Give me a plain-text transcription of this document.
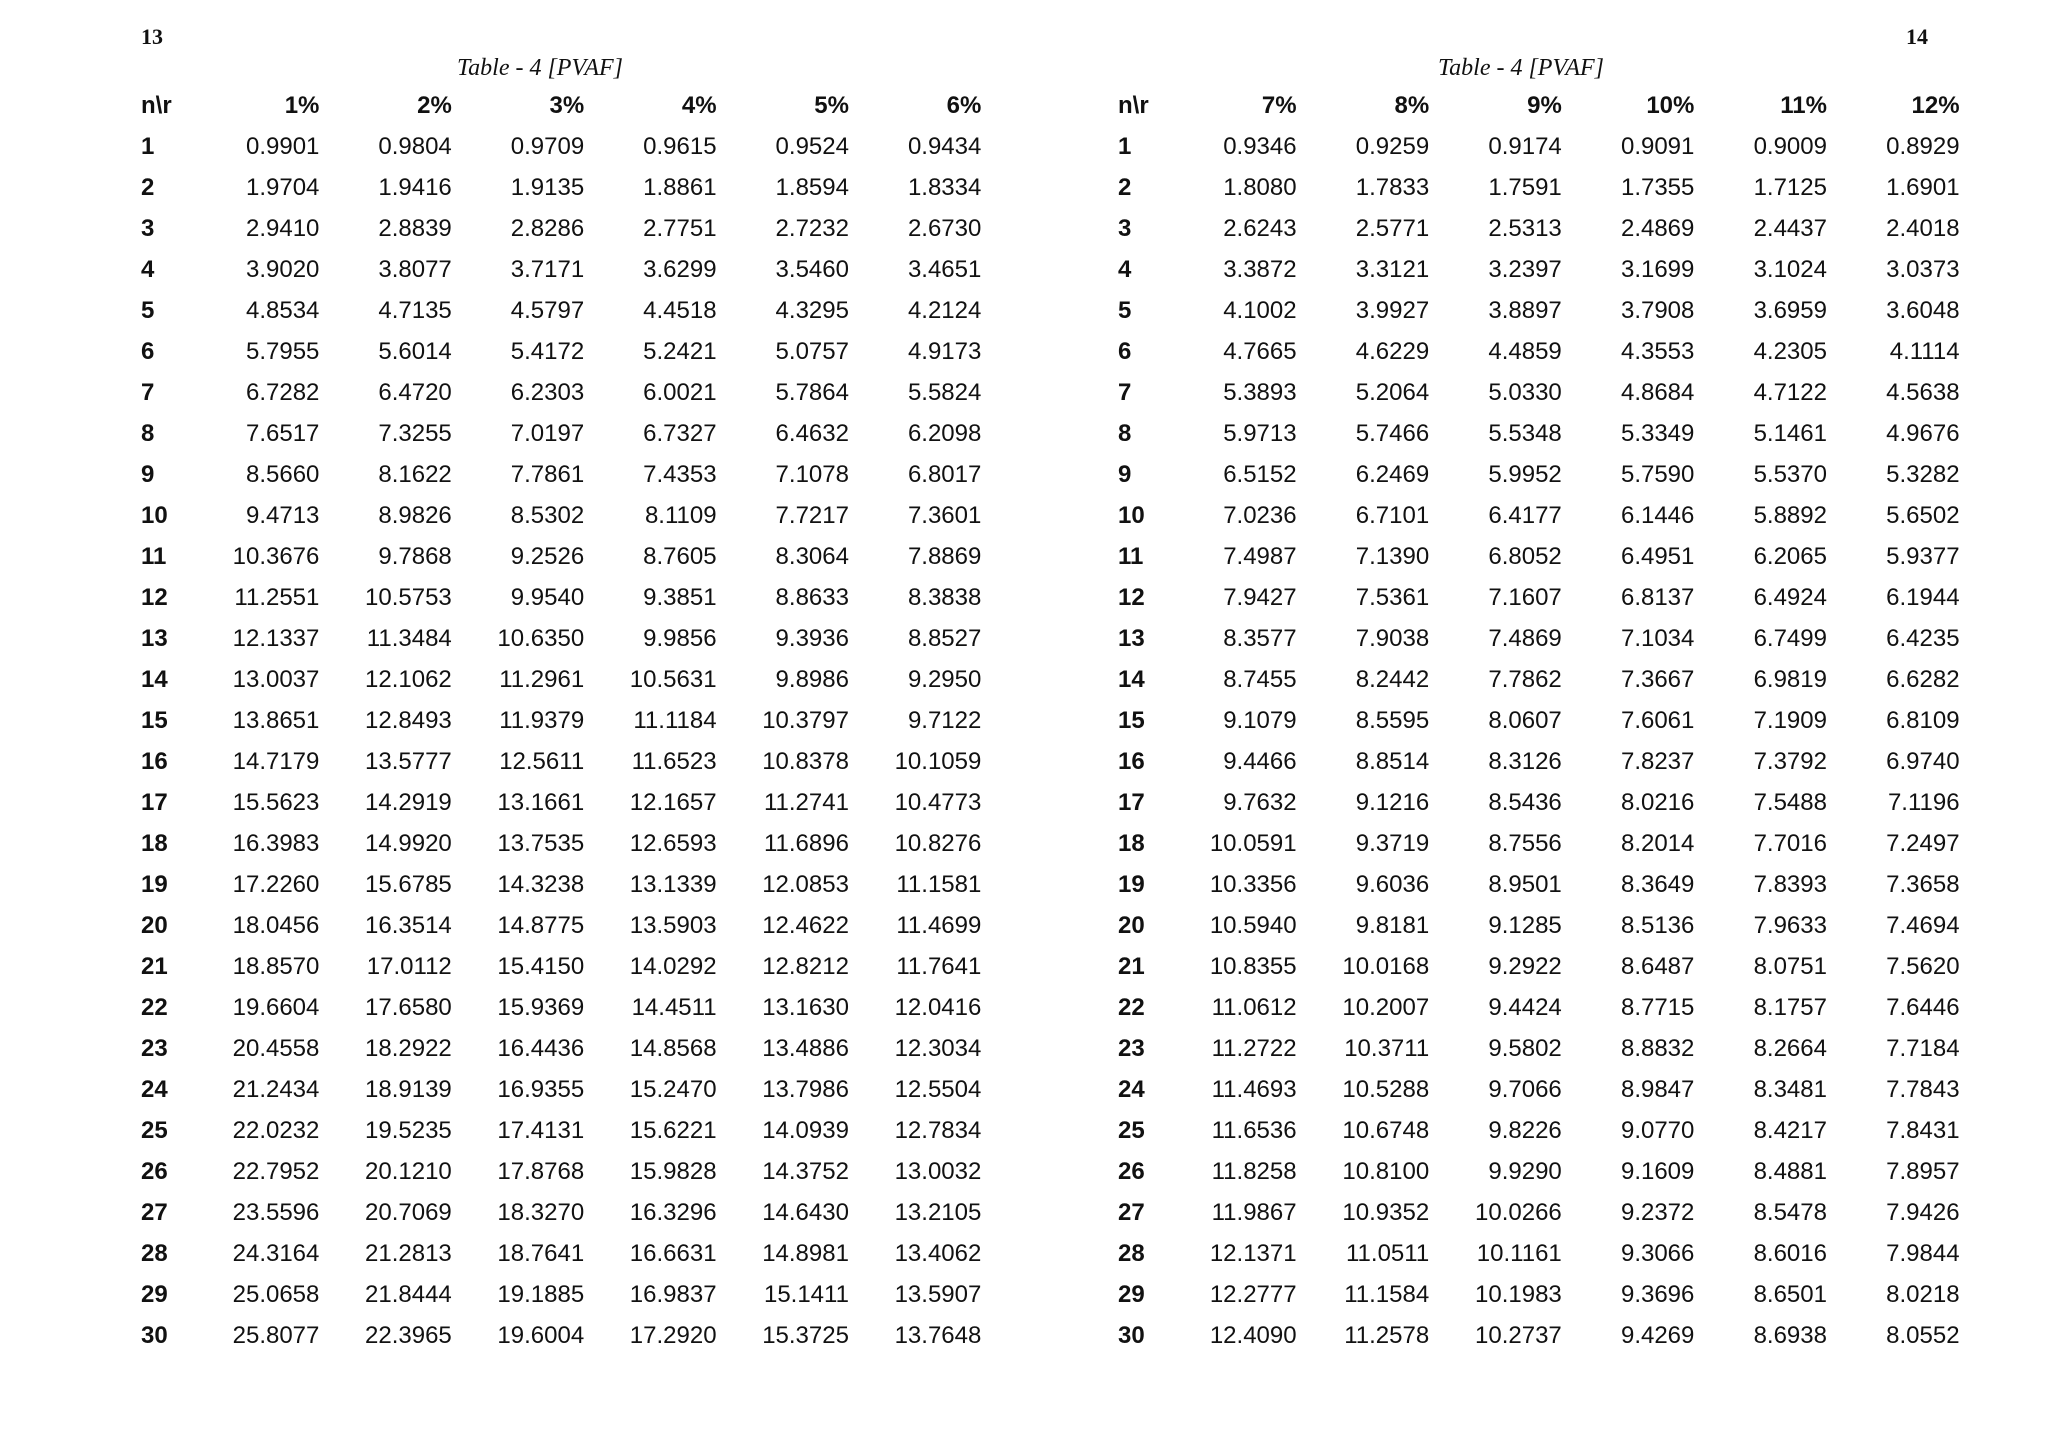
13	14
Table - 4 [PVAF]
n\r	1%	2%	3%	4%	5%	6%
1	0.9901	0.9804	0.9709	0.9615	0.9524	0.9434
2	1.9704	1.9416	1.9135	1.8861	1.8594	1.8334
3	2.9410	2.8839	2.8286	2.7751	2.7232	2.6730
4	3.9020	3.8077	3.7171	3.6299	3.5460	3.4651
5	4.8534	4.7135	4.5797	4.4518	4.3295	4.2124
6	5.7955	5.6014	5.4172	5.2421	5.0757	4.9173
7	6.7282	6.4720	6.2303	6.0021	5.7864	5.5824
8	7.6517	7.3255	7.0197	6.7327	6.4632	6.2098
9	8.5660	8.1622	7.7861	7.4353	7.1078	6.8017
10	9.4713	8.9826	8.5302	8.1109	7.7217	7.3601
11	10.3676	9.7868	9.2526	8.7605	8.3064	7.8869
12	11.2551	10.5753	9.9540	9.3851	8.8633	8.3838
13	12.1337	11.3484	10.6350	9.9856	9.3936	8.8527
14	13.0037	12.1062	11.2961	10.5631	9.8986	9.2950
15	13.8651	12.8493	11.9379	11.1184	10.3797	9.7122
16	14.7179	13.5777	12.5611	11.6523	10.8378	10.1059
17	15.5623	14.2919	13.1661	12.1657	11.2741	10.4773
18	16.3983	14.9920	13.7535	12.6593	11.6896	10.8276
19	17.2260	15.6785	14.3238	13.1339	12.0853	11.1581
20	18.0456	16.3514	14.8775	13.5903	12.4622	11.4699
21	18.8570	17.0112	15.4150	14.0292	12.8212	11.7641
22	19.6604	17.6580	15.9369	14.4511	13.1630	12.0416
23	20.4558	18.2922	16.4436	14.8568	13.4886	12.3034
24	21.2434	18.9139	16.9355	15.2470	13.7986	12.5504
25	22.0232	19.5235	17.4131	15.6221	14.0939	12.7834
26	22.7952	20.1210	17.8768	15.9828	14.3752	13.0032
27	23.5596	20.7069	18.3270	16.3296	14.6430	13.2105
28	24.3164	21.2813	18.7641	16.6631	14.8981	13.4062
29	25.0658	21.8444	19.1885	16.9837	15.1411	13.5907
30	25.8077	22.3965	19.6004	17.2920	15.3725	13.7648
Table - 4 [PVAF]
n\r	7%	8%	9%	10%	11%	12%
1	0.9346	0.9259	0.9174	0.9091	0.9009	0.8929
2	1.8080	1.7833	1.7591	1.7355	1.7125	1.6901
3	2.6243	2.5771	2.5313	2.4869	2.4437	2.4018
4	3.3872	3.3121	3.2397	3.1699	3.1024	3.0373
5	4.1002	3.9927	3.8897	3.7908	3.6959	3.6048
6	4.7665	4.6229	4.4859	4.3553	4.2305	4.1114
7	5.3893	5.2064	5.0330	4.8684	4.7122	4.5638
8	5.9713	5.7466	5.5348	5.3349	5.1461	4.9676
9	6.5152	6.2469	5.9952	5.7590	5.5370	5.3282
10	7.0236	6.7101	6.4177	6.1446	5.8892	5.6502
11	7.4987	7.1390	6.8052	6.4951	6.2065	5.9377
12	7.9427	7.5361	7.1607	6.8137	6.4924	6.1944
13	8.3577	7.9038	7.4869	7.1034	6.7499	6.4235
14	8.7455	8.2442	7.7862	7.3667	6.9819	6.6282
15	9.1079	8.5595	8.0607	7.6061	7.1909	6.8109
16	9.4466	8.8514	8.3126	7.8237	7.3792	6.9740
17	9.7632	9.1216	8.5436	8.0216	7.5488	7.1196
18	10.0591	9.3719	8.7556	8.2014	7.7016	7.2497
19	10.3356	9.6036	8.9501	8.3649	7.8393	7.3658
20	10.5940	9.8181	9.1285	8.5136	7.9633	7.4694
21	10.8355	10.0168	9.2922	8.6487	8.0751	7.5620
22	11.0612	10.2007	9.4424	8.7715	8.1757	7.6446
23	11.2722	10.3711	9.5802	8.8832	8.2664	7.7184
24	11.4693	10.5288	9.7066	8.9847	8.3481	7.7843
25	11.6536	10.6748	9.8226	9.0770	8.4217	7.8431
26	11.8258	10.8100	9.9290	9.1609	8.4881	7.8957
27	11.9867	10.9352	10.0266	9.2372	8.5478	7.9426
28	12.1371	11.0511	10.1161	9.3066	8.6016	7.9844
29	12.2777	11.1584	10.1983	9.3696	8.6501	8.0218
30	12.4090	11.2578	10.2737	9.4269	8.6938	8.0552
